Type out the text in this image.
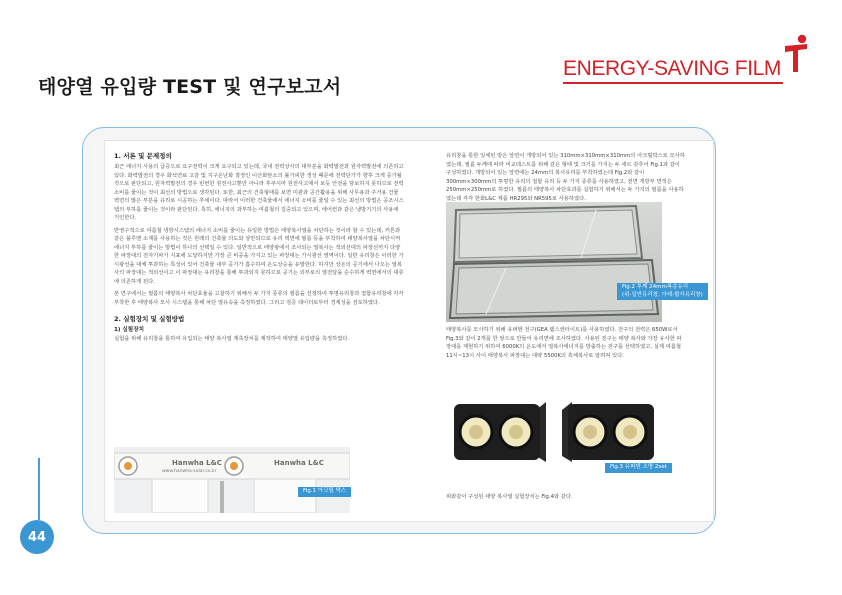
태양열 유입량 TEST 및 연구보고서
ENERGY-SAVING FILM
44
1. 서론 및 문제정의

최근 에너지 사용의 급증으로 요구전력이 크게 요구되고 있는데, 국내 전력상사의 대부분을 화력발전과 원자력발전에 의존하고 있다. 화력발전의 경우 화석연료 고갈 및 지구온난화 결정인 이산화탄소의 불가피한 생성 때문에 전력단가가 향후 크게 증가될 것으로 판단되고, 원자력발전의 경우 빈번한 원전사고뿐만 아니라 후쿠시마 원전사고에서 보듯 안전을 담보하지 못하므로 전력소비를 줄이는 것이 최선의 방법으로 생각된다. 또한, 최근의 건축형태를 보면 미관과 공간활용을 위해 사무용과 주거용 건물 벽면의 많은 부분을 유리로 시공하는 추세이다. 따라서 이러한 건축물에서 에너지 소비를 줄일 수 있는 최선의 방법은 공조시스템의 부하를 줄이는 것이라 판단된다. 특히, 에너지의 과부하는 여름철의 집중되고 있으며, 에어컨과 같은 냉방기기의 사용에 기인한다.

반영구적으로 여름철 냉방시스템의 에너지 소비를 줄이는 유일한 방법은 태양복사열을 차단하는 것이라 할 수 있는데, 커튼과 같은 블루맨 소재를 사용하는 것은 원래의 건축물 의도와 상반되므로 유리 벽면에 필름 등을 부착하여 태양복사열을 차단시켜 에너지 부하를 줄이는 방법이 하나의 선택일 수 있다. 일반적으로 태양광에서 조사되는 열복사는 적외선대의 파장선까지 다양한 파장대의 전자기파가 지표에 도달하지만 가장 큰 비중을 가지고 있는 파장대는 가시광선 영역이다. 일반 유리창은 이러한 가시광선을 대체 투과하는 특성이 있어 건축물 내부 공기가 흡수하여 온도상승을 유발한다. 하지만 상온의 공기에서 나오는 열복사의 파장대는 적외선이고 이 파장대는 유리창을 통해 투과되지 못하므로 공기는 외부로의 열전달을 순수하게 벽면에서의 대류에 의존하게 된다.

본 연구에서는 필름의 태양복사 차단효율을 고찰하기 위해서 두 가지 종류의 필름을 선정하여 투명유리창과 접합유리창에 각각 부착한 후 태양복사 모사 시스템을 통해 차단 열유속을 측정하였다. 그리고 검증 데이터로부터 경제성을 검토하였다.

2. 실험장치 및 실험방법
1) 실험장치

실험을 위해 유리창을 통하여 유입되는 태양 복사열 계측장치를 제작하여 태양열 유입량을 측정하였다.

Hanwha L&C
www.hanwha-solar.co.kr
Hanwha L&C
Fig.1 아크릴 박스

유리창을 통한 일체된 방은 앞면이 개방되어 있는 310mm×310mm×310mm의 아크릴박스로 모사하였는데, 필름 두께에 따라 비교테스트를 위해 같은 형태 및 크기를 가지는 두 세트 갖추어 Fig.1과 같이 구성하였다. 개방되어 있는 앞면에는 24mm의 복사유리를 부착하였는데 Fig.2와 같이 300mm×300mm의 투명한 유리의 접합 유리 등 두 가지 종류를 사용하였고, 전면 개방부 면적은 250mm×250mm로 하였다. 필름의 태양복사 차단효과를 실험하기 위해서는 두 가지의 필름을 사용하였는데 각각 한화L&C 제품 HR295와 NR595로 사용하였다.

Fig.2 투께 24mm복층유리
(위-일반유리창, 아래-할자유리창)

태양복사를 모사하기 위해 유퍼텐 전구(GEA 램스엔터이트)를 사용하였다. 전구의 전력은 650W로서 Fig.3와 같이 2개를 한 쌍으로 만들어 유리면에 조사하였다. 사용된 전구는 태양 복사와 가장 유사한 파장대를 재현하기 위하여 6000K의 온도에서 열복사에너지를 방출하는 전구를 선택하였고, 실제 여름철 11시~13시 사이 태양복사 파장대는 대략 5500K의 흑체복사로 알려져 있다.

Fig.3 유퍼텐 조명 2set
위와같이 구성된 태양 복사열 실험장치는 Fig.4와 같다.
